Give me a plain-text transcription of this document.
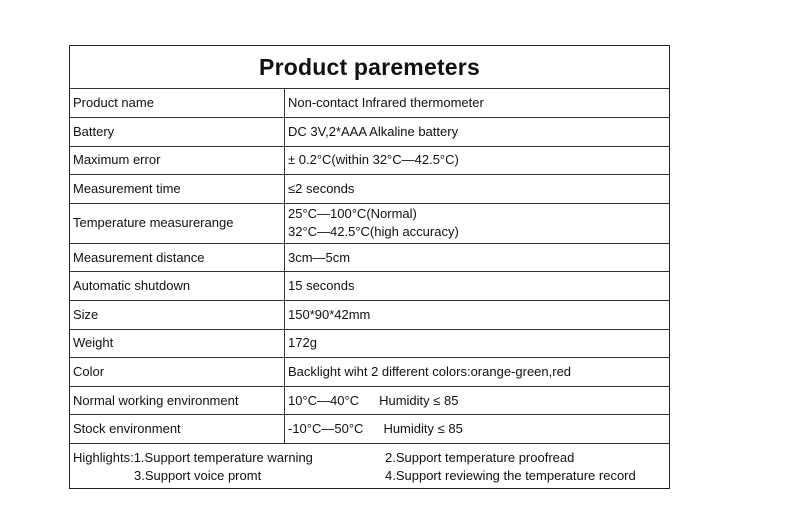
Product paremeters
Product name	Non-contact Infrared thermometer
Battery	DC 3V,2*AAA Alkaline battery
Maximum error	± 0.2°C(within 32°C—42.5°C)
Measurement time	≤2 seconds
Temperature measurerange	25°C—100°C(Normal)
32°C—42.5°C(high accuracy)

Measurement distance	3cm—5cm
Automatic shutdown	15 seconds
Size	150*90*42mm
Weight	172g
Color	Backlight wiht 2 different colors:orange-green,red
Normal working environment	10°C—40°C Humidity ≤ 85
Stock environment	-10°C—50°C Humidity ≤ 85
Highlights:1.Support temperature warning	2.Support temperature proofread
3.Support voice promt	4.Support reviewing the temperature record
